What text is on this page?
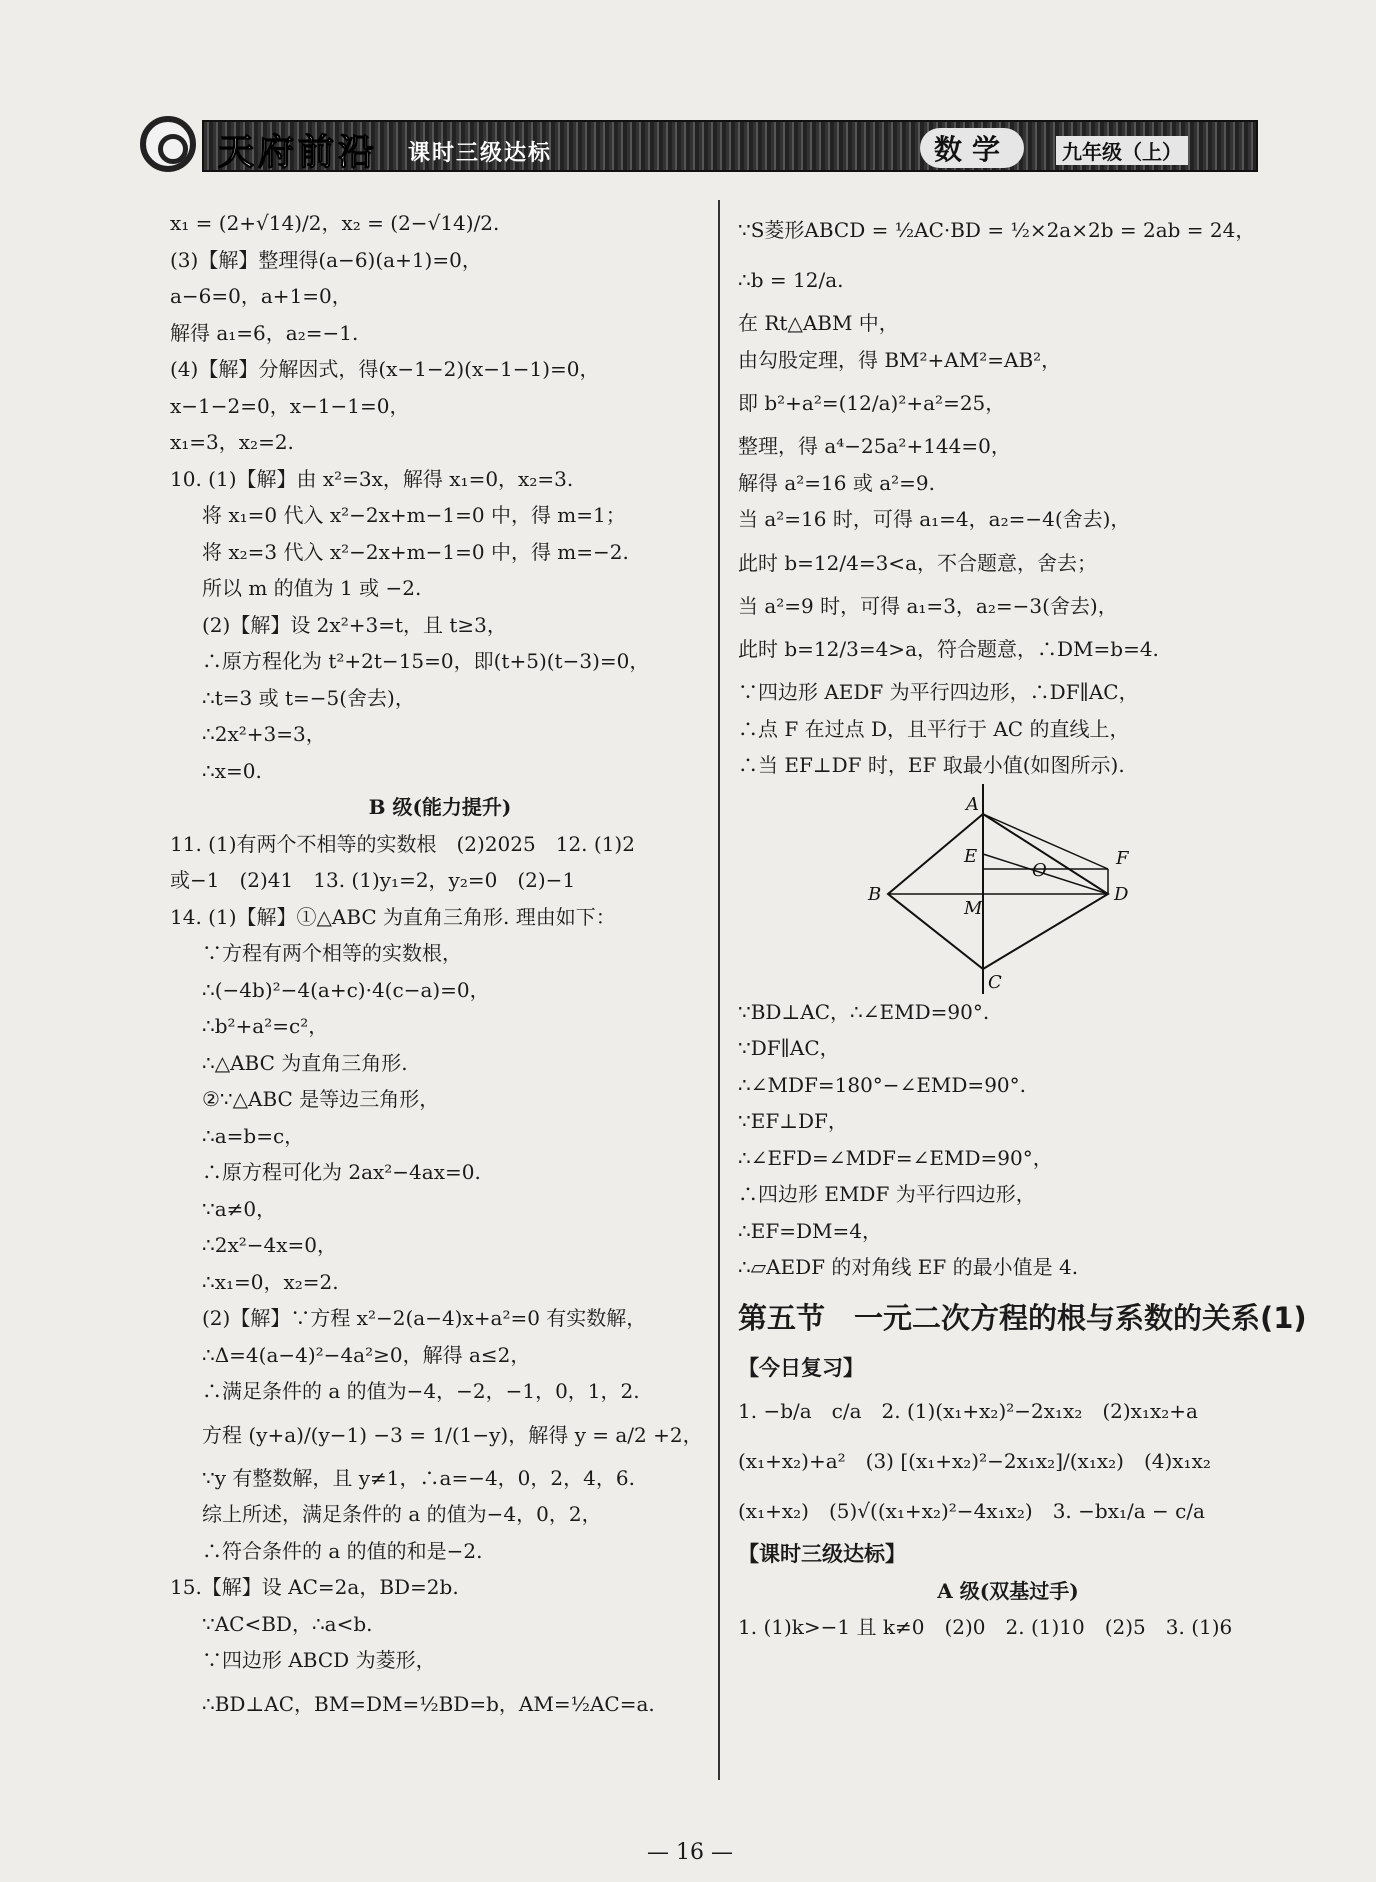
天府前沿 课时三级达标	数学	九年级（上）
x₁ = (2+√14)/2，x₂ = (2−√14)/2.
(3)【解】整理得(a−6)(a+1)=0，
a−6=0，a+1=0，
解得 a₁=6，a₂=−1.
(4)【解】分解因式，得(x−1−2)(x−1−1)=0，
x−1−2=0，x−1−1=0，
x₁=3，x₂=2.
10. (1)【解】由 x²=3x，解得 x₁=0，x₂=3.
将 x₁=0 代入 x²−2x+m−1=0 中，得 m=1；
将 x₂=3 代入 x²−2x+m−1=0 中，得 m=−2.
所以 m 的值为 1 或 −2.
(2)【解】设 2x²+3=t，且 t≥3，
∴原方程化为 t²+2t−15=0，即(t+5)(t−3)=0，
∴t=3 或 t=−5(舍去)，
∴2x²+3=3，
∴x=0.
B 级(能力提升)
11. (1)有两个不相等的实数根　(2)2025　12. (1)2
或−1　(2)41　13. (1)y₁=2，y₂=0　(2)−1
14. (1)【解】①△ABC 为直角三角形. 理由如下：
∵方程有两个相等的实数根，
∴(−4b)²−4(a+c)·4(c−a)=0，
∴b²+a²=c²，
∴△ABC 为直角三角形.
②∵△ABC 是等边三角形，
∴a=b=c，
∴原方程可化为 2ax²−4ax=0.
∵a≠0，
∴2x²−4x=0，
∴x₁=0，x₂=2.
(2)【解】∵方程 x²−2(a−4)x+a²=0 有实数解，
∴Δ=4(a−4)²−4a²≥0，解得 a≤2，
∴满足条件的 a 的值为−4，−2，−1，0，1，2.
方程 (y+a)/(y−1) −3 = 1/(1−y)，解得 y = a/2 +2，
∵y 有整数解，且 y≠1，∴a=−4，0，2，4，6.
综上所述，满足条件的 a 的值为−4，0，2，
∴符合条件的 a 的值的和是−2.
15.【解】设 AC=2a，BD=2b.
∵AC<BD，∴a<b.
∵四边形 ABCD 为菱形，
∴BD⊥AC，BM=DM=½BD=b，AM=½AC=a.
∵S菱形ABCD = ½AC·BD = ½×2a×2b = 2ab = 24，
∴b = 12/a.
在 Rt△ABM 中，
由勾股定理，得 BM²+AM²=AB²，
即 b²+a²=(12/a)²+a²=25，
整理，得 a⁴−25a²+144=0，
解得 a²=16 或 a²=9.
当 a²=16 时，可得 a₁=4，a₂=−4(舍去)，
此时 b=12/4=3<a，不合题意，舍去；
当 a²=9 时，可得 a₁=3，a₂=−3(舍去)，
此时 b=12/3=4>a，符合题意，∴DM=b=4.
∵四边形 AEDF 为平行四边形，∴DF∥AC，
∴点 F 在过点 D，且平行于 AC 的直线上，
∴当 EF⊥DF 时，EF 取最小值(如图所示).
A
E
O
F
B
M
D
C
∵BD⊥AC，∴∠EMD=90°.
∵DF∥AC，
∴∠MDF=180°−∠EMD=90°.
∵EF⊥DF，
∴∠EFD=∠MDF=∠EMD=90°，
∴四边形 EMDF 为平行四边形，
∴EF=DM=4，
∴▱AEDF 的对角线 EF 的最小值是 4.
第五节　一元二次方程的根与系数的关系(1)
【今日复习】
1. −b/a　c/a　2. (1)(x₁+x₂)²−2x₁x₂　(2)x₁x₂+a
(x₁+x₂)+a²　(3) [(x₁+x₂)²−2x₁x₂]/(x₁x₂)　(4)x₁x₂
(x₁+x₂)　(5)√((x₁+x₂)²−4x₁x₂)　3. −bx₁/a − c/a
【课时三级达标】
A 级(双基过手)
1. (1)k>−1 且 k≠0　(2)0　2. (1)10　(2)5　3. (1)6
— 16 —
